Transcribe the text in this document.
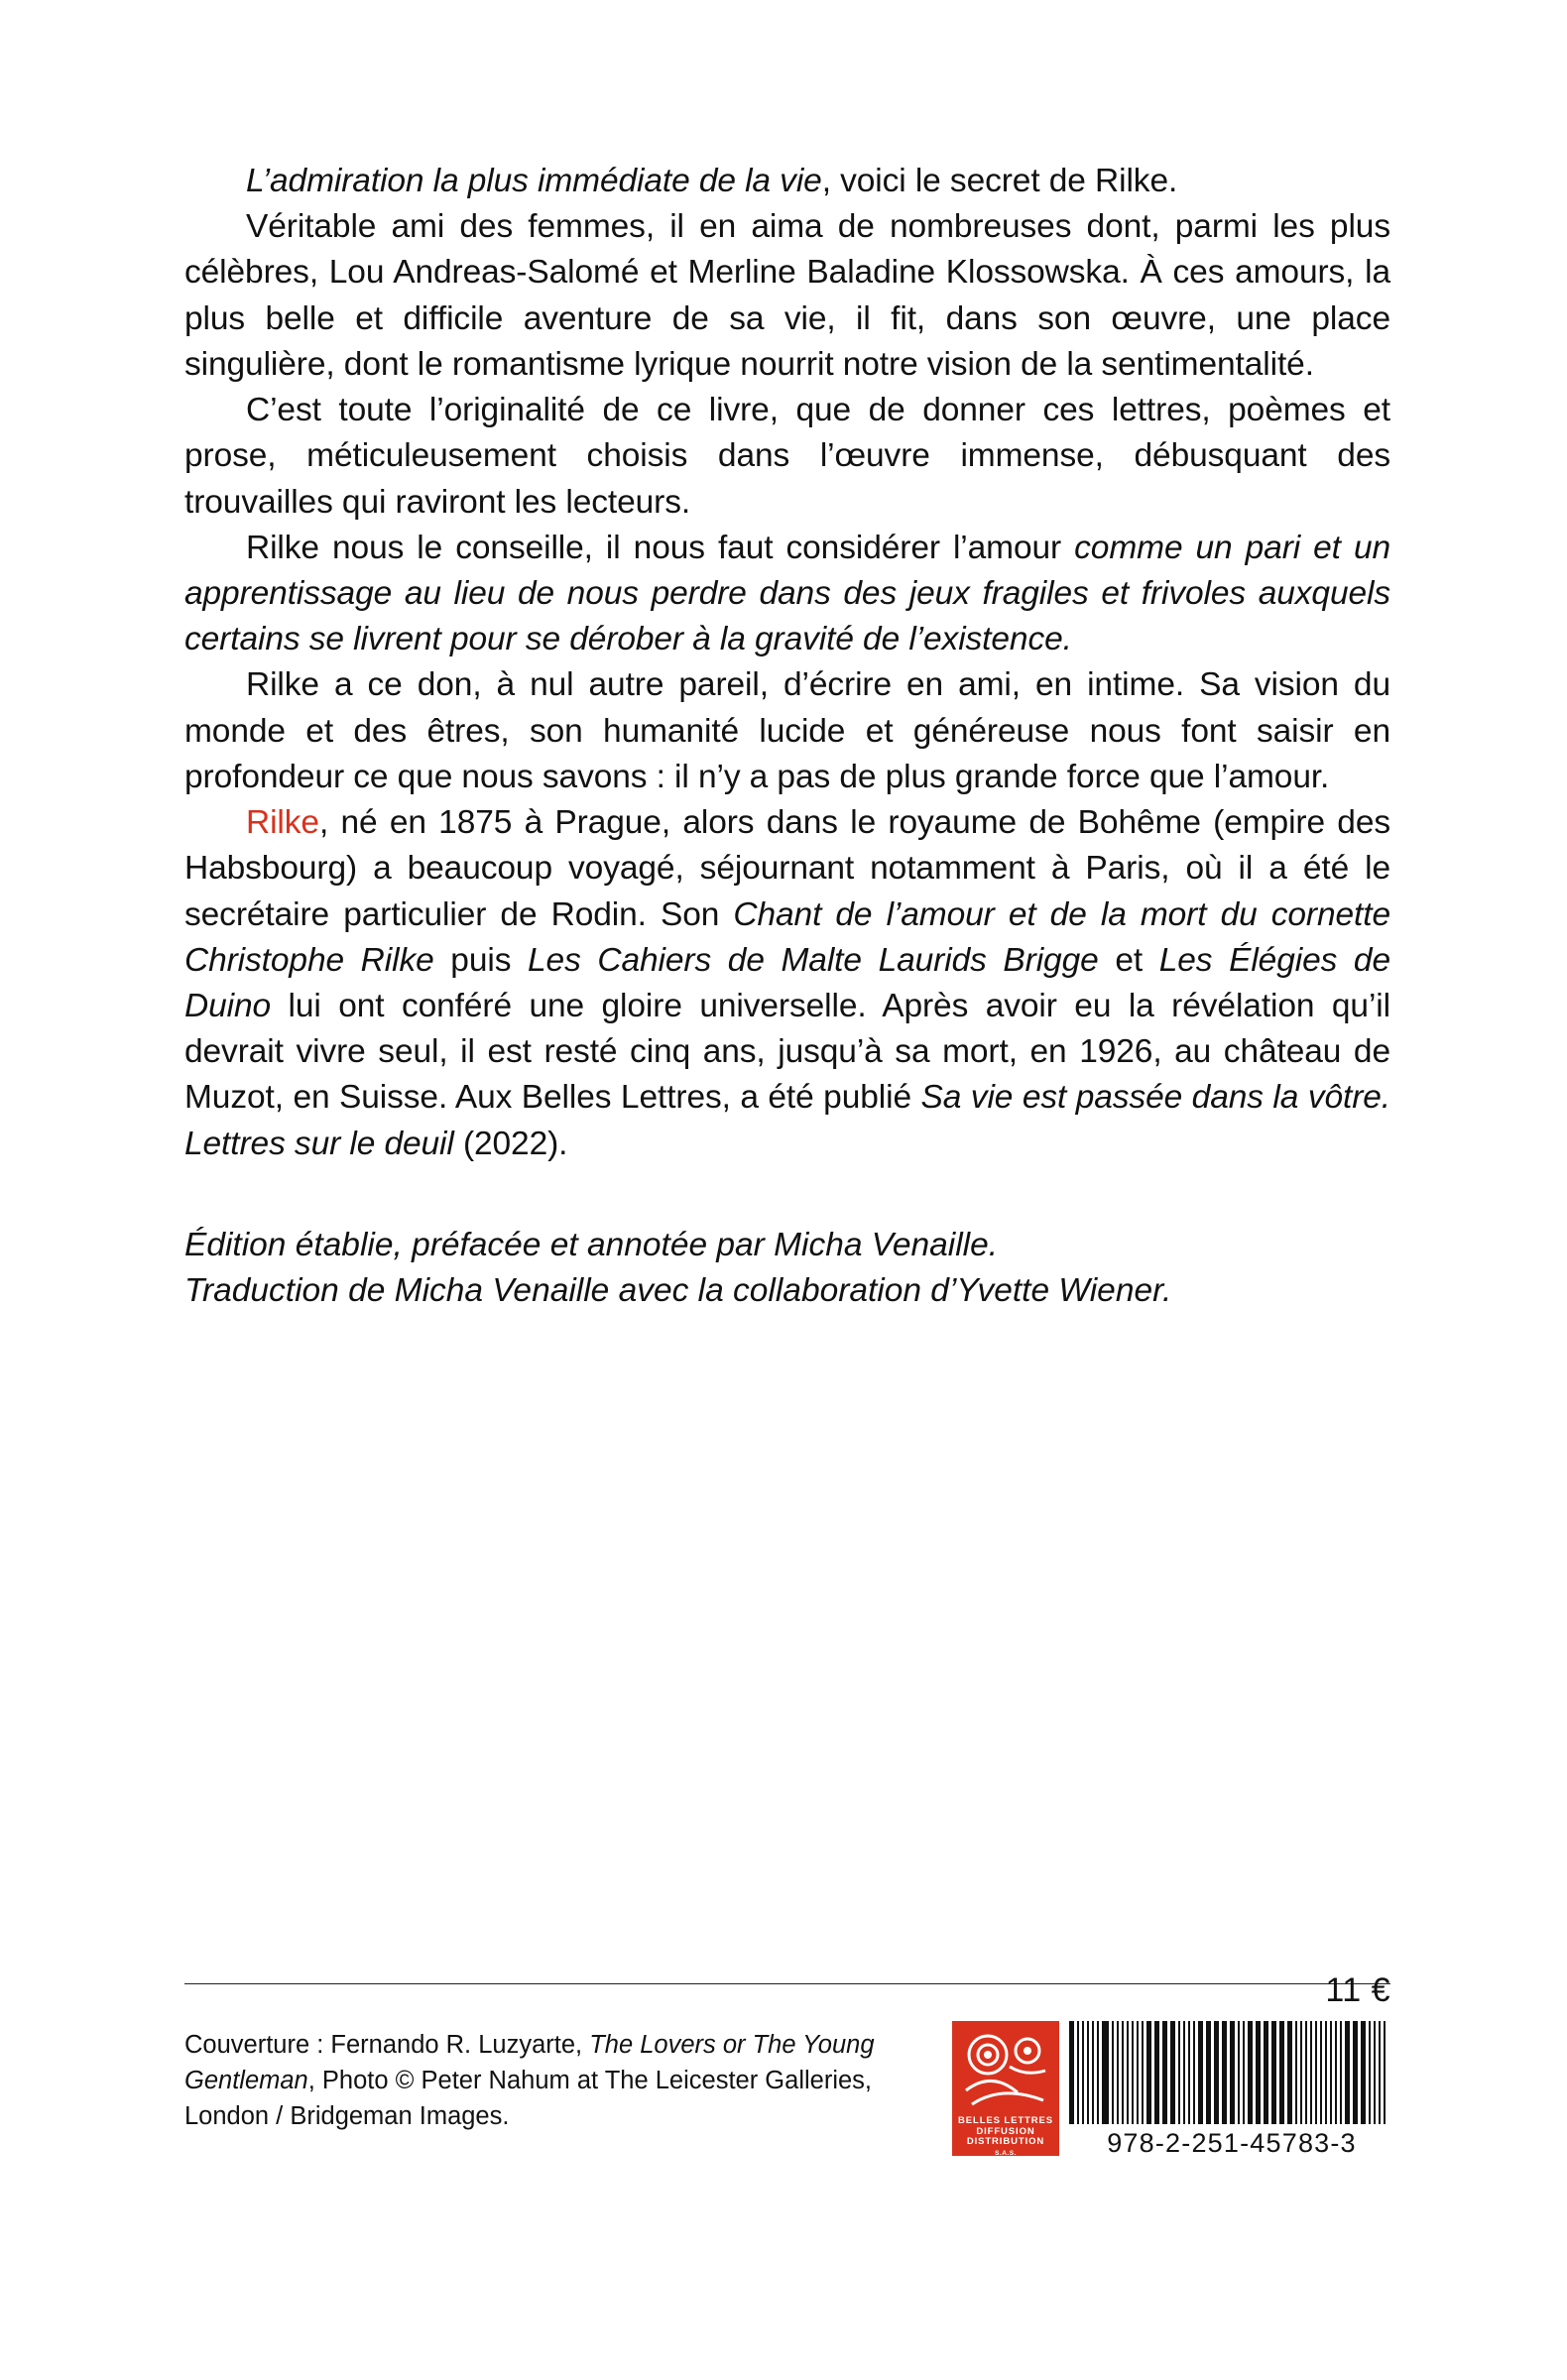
L’admiration la plus immédiate de la vie, voici le secret de Rilke.

Véritable ami des femmes, il en aima de nombreuses dont, parmi les plus célèbres, Lou Andreas-Salomé et Merline Baladine Klossowska. À ces amours, la plus belle et difficile aventure de sa vie, il fit, dans son œuvre, une place singulière, dont le romantisme lyrique nourrit notre vision de la sentimentalité.

C’est toute l’originalité de ce livre, que de donner ces lettres, poèmes et prose, méticuleusement choisis dans l’œuvre immense, débusquant des trouvailles qui raviront les lecteurs.

Rilke nous le conseille, il nous faut considérer l’amour comme un pari et un apprentissage au lieu de nous perdre dans des jeux fragiles et frivoles auxquels certains se livrent pour se dérober à la gravité de l’existence.

Rilke a ce don, à nul autre pareil, d’écrire en ami, en intime. Sa vision du monde et des êtres, son humanité lucide et généreuse nous font saisir en profondeur ce que nous savons : il n’y a pas de plus grande force que l’amour.

Rilke, né en 1875 à Prague, alors dans le royaume de Bohême (empire des Habsbourg) a beaucoup voyagé, séjournant notamment à Paris, où il a été le secrétaire particulier de Rodin. Son Chant de l’amour et de la mort du cornette Christophe Rilke puis Les Cahiers de Malte Laurids Brigge et Les Élégies de Duino lui ont conféré une gloire universelle. Après avoir eu la révélation qu’il devrait vivre seul, il est resté cinq ans, jusqu’à sa mort, en 1926, au château de Muzot, en Suisse. Aux Belles Lettres, a été publié Sa vie est passée dans la vôtre. Lettres sur le deuil (2022).

Édition établie, préfacée et annotée par Micha Venaille.
Traduction de Micha Venaille avec la collaboration d’Yvette Wiener.
11 €
Couverture : Fernando R. Luzyarte, The Lovers or The Young Gentleman, Photo © Peter Nahum at The Leicester Galleries, London / Bridgeman Images.	BELLES LETTRES
DIFFUSION
DISTRIBUTION
S.A.S.	978-2-251-45783-3
